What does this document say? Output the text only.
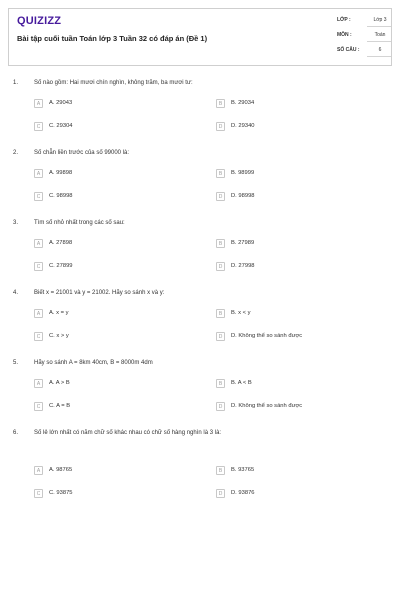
QUIZIZZ
Bài tập cuối tuần Toán lớp 3 Tuần 32 có đáp án (Đề 1)
LỚP :	Lớp 3
MÔN :	Toán
SỐ CÂU :	6
1.	Số nào gồm: Hai mươi chín nghìn, không trăm, ba mươi tư:
A	A. 29043	B	B. 29034
C	C. 29304	D	D. 29340
2.	Số chẵn liền trước của số 99000 là:
A	A. 99898	B	B. 98999
C	C. 98998	D	D. 98998
3.	Tìm số nhỏ nhất trong các số sau:
A	A. 27898	B	B. 27989
C	C. 27899	D	D. 27998
4.	Biết x = 21001 và y = 21002. Hãy so sánh x và y:
A	A. x = y	B	B. x < y
C	C. x > y	D	D. Không thể so sánh được
5.	Hãy so sánh A = 8km 40cm, B = 8000m 4dm
A	A. A > B	B	B. A < B
C	C. A = B	D	D. Không thể so sánh được
6.	Số lẻ lớn nhất có năm chữ số khác nhau có chữ số hàng nghìn là 3 là:
A	A. 98765	B	B. 93765
C	C. 93875	D	D. 93876
